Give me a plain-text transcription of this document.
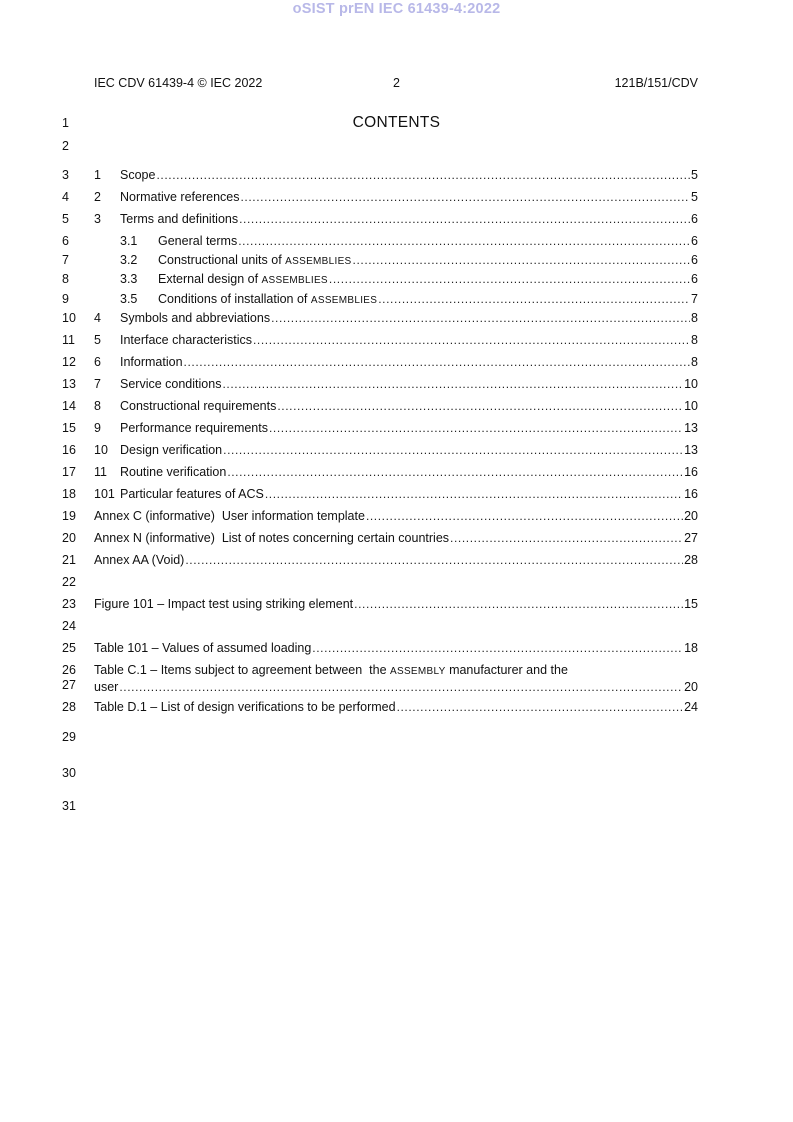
oSIST prEN IEC 61439-4:2022
IEC CDV 61439-4 © IEC 2022	2	121B/151/CDV
CONTENTS
1
2
3
4
5
6
7
8
9
10
11
12
13
14
15
16
17
18
19
20
21
22
23
24
25
26
27
28
29
30
31
1	Scope .....	5
2	Normative references .....	5
3	Terms and definitions .....	6
3.1	General terms .....	6
3.2	Constructional units of ASSEMBLIES .....	6
3.3	External design of ASSEMBLIES .....	6
3.5	Conditions of installation of ASSEMBLIES .....	7
4	Symbols and abbreviations .....	8
5	Interface characteristics .....	8
6	Information .....	8
7	Service conditions .....	10
8	Constructional requirements .....	10
9	Performance requirements .....	13
10 Design verification .....	13
11	Routine verification .....	16
101 Particular features of ACS .....	16
Annex C (informative)  User information template .....	20
Annex N (informative)  List of notes concerning certain countries .....	27
Annex AA (Void) .....	28
Figure 101 – Impact test using striking element .....	15
Table 101 – Values of assumed loading .....	18
Table C.1 – Items subject to agreement between  the ASSEMBLY manufacturer and the
user .....	20
Table D.1 – List of design verifications to be performed .....	24
